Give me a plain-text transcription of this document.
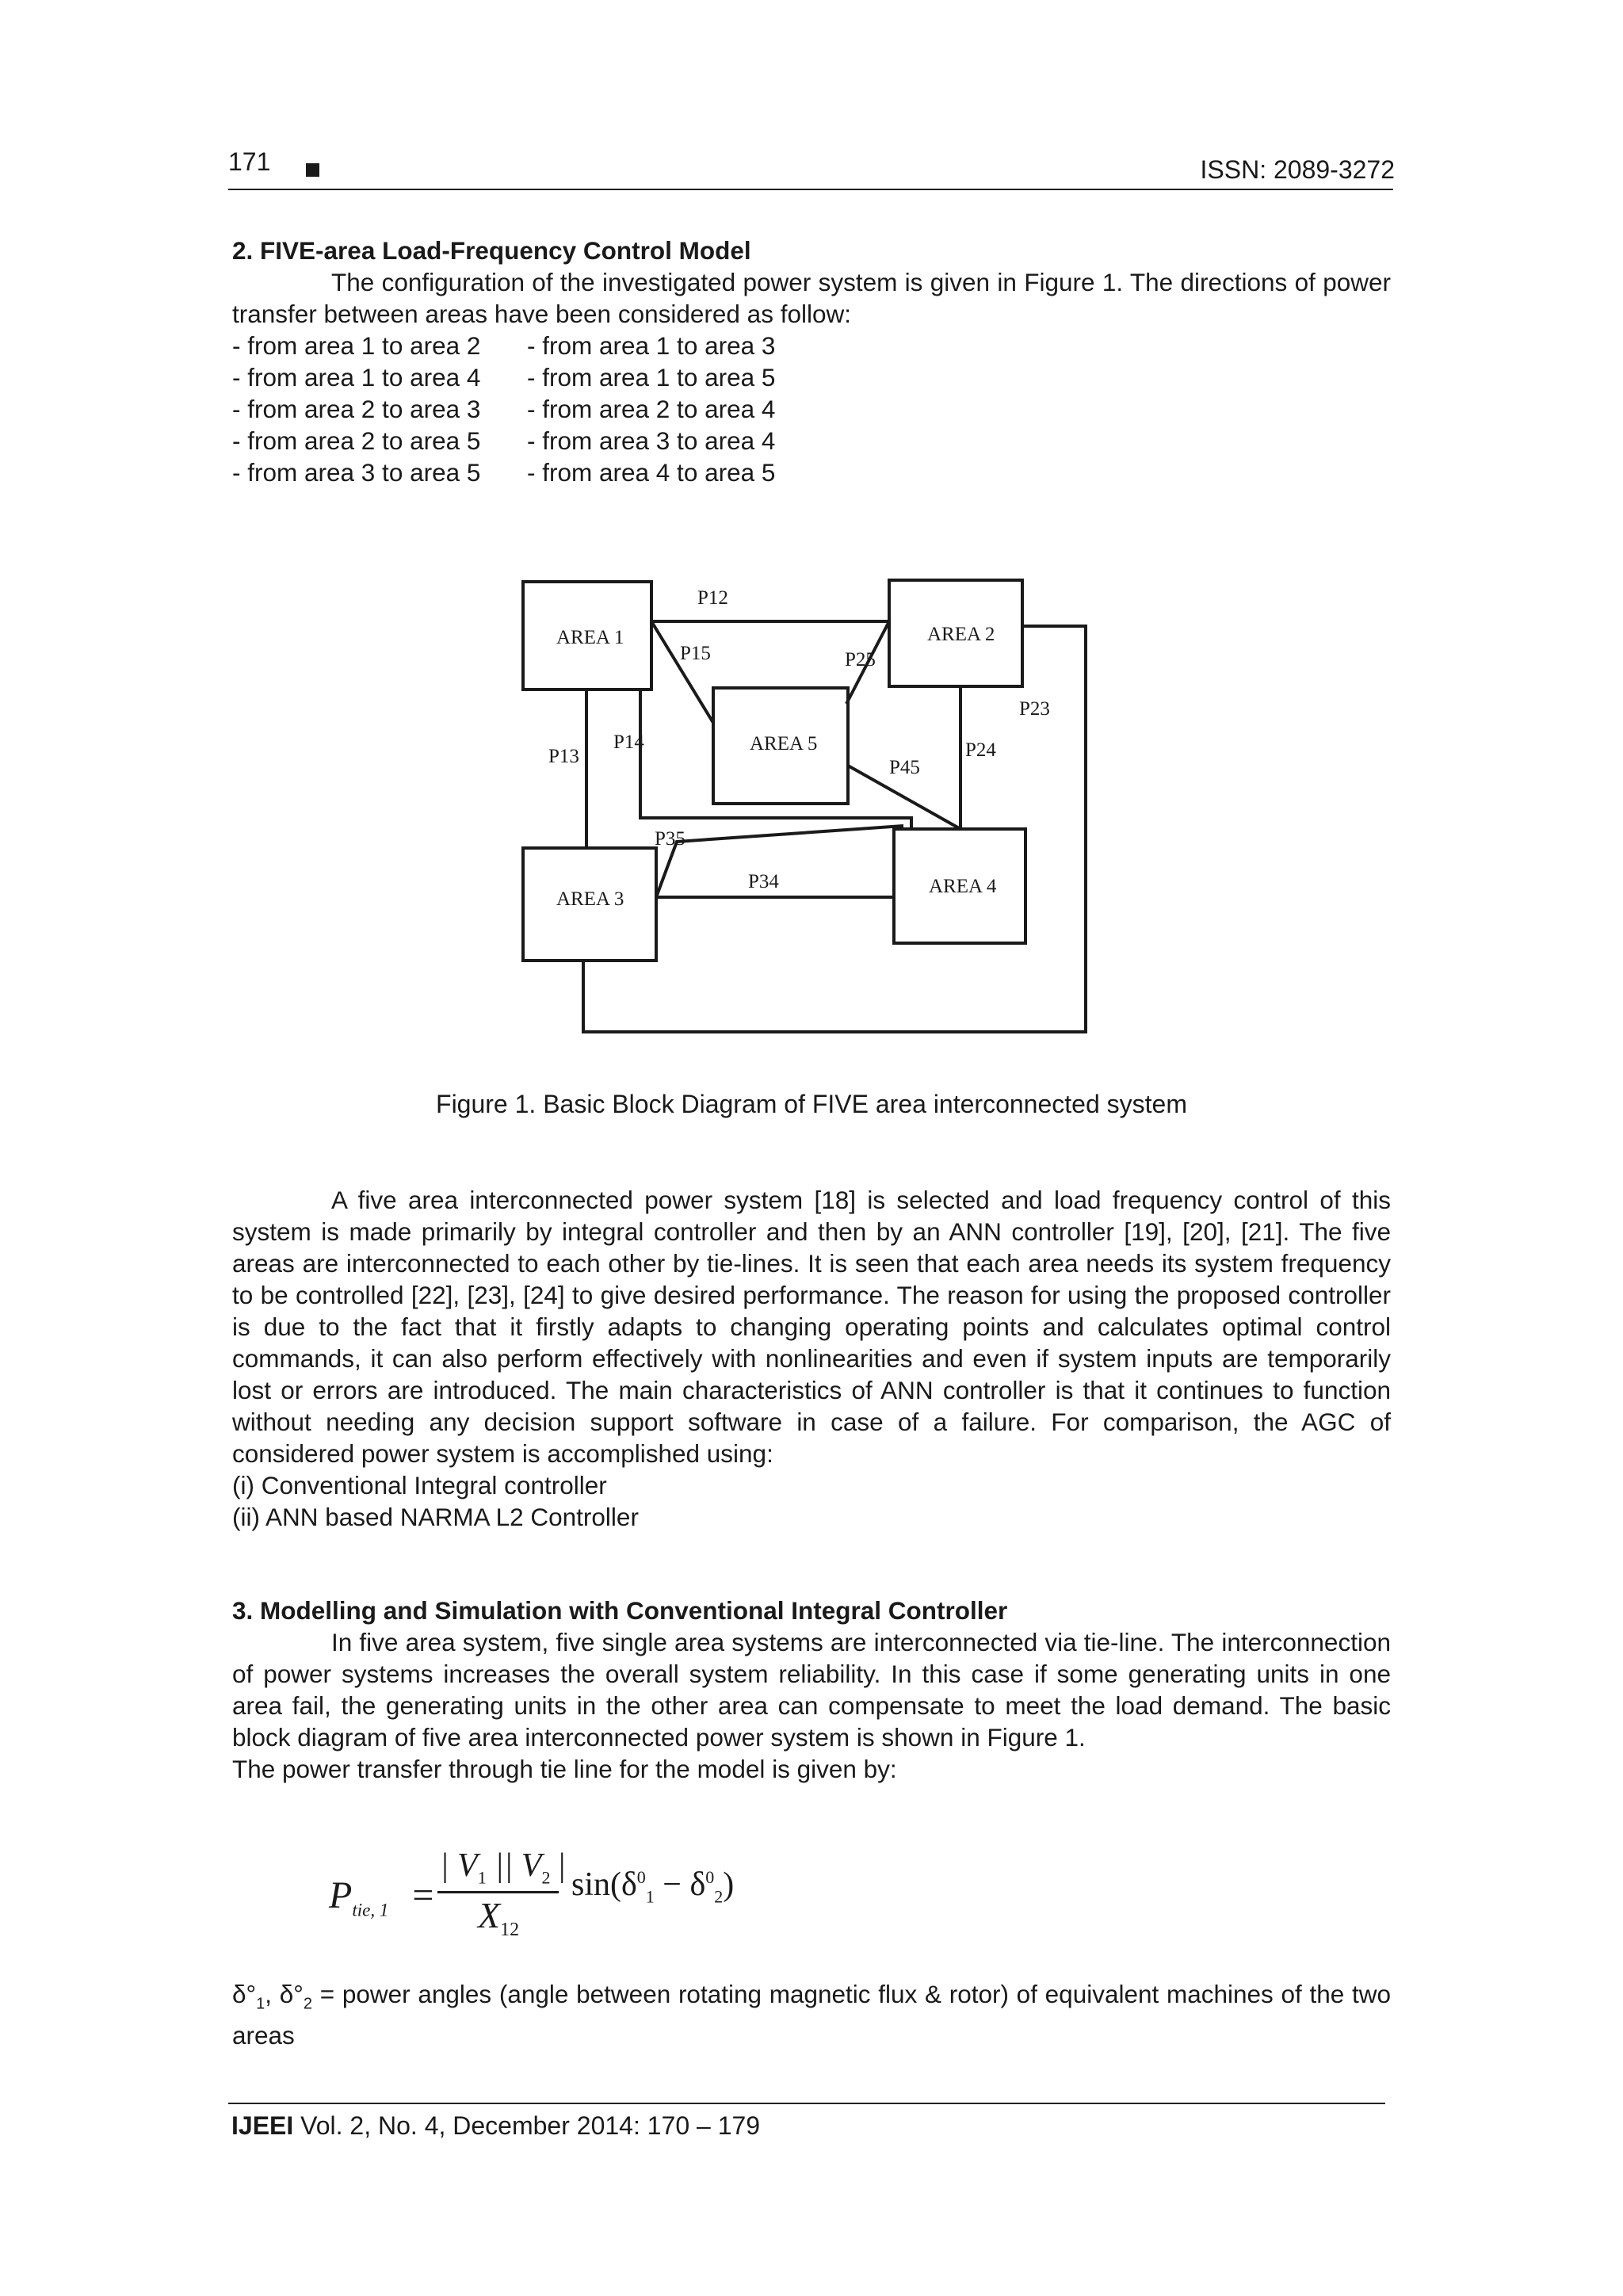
171	ISSN: 2089-3272

2. FIVE-area Load-Frequency Control Model

The configuration of the investigated power system is given in Figure 1. The directions of power transfer between areas have been considered as follow:

- from area 1 to area 2	- from area 1 to area 3
- from area 1 to area 4	- from area 1 to area 5
- from area 2 to area 3	- from area 2 to area 4
- from area 2 to area 5	- from area 3 to area 4
- from area 3 to area 5	- from area 4 to area 5
AREA 1	AREA 2
AREA 5
AREA 3
AREA 4
P12
P15	P25
P13
P14
P23
P24
P45
P35
P34
Figure 1. Basic Block Diagram of FIVE area interconnected system

A five area interconnected power system [18] is selected and load frequency control of this system is made primarily by integral controller and then by an ANN controller [19], [20], [21]. The five areas are interconnected to each other by tie-lines. It is seen that each area needs its system frequency to be controlled [22], [23], [24] to give desired performance. The reason for using the proposed controller is due to the fact that it firstly adapts to changing operating points and calculates optimal control commands, it can also perform effectively with nonlinearities and even if system inputs are temporarily lost or errors are introduced. The main characteristics of ANN controller is that it continues to function without needing any decision support software in case of a failure. For comparison, the AGC of considered power system is accomplished using:

(i) Conventional Integral controller

(ii) ANN based NARMA L2 Controller

3. Modelling and Simulation with Conventional Integral Controller

In five area system, five single area systems are interconnected via tie-line. The interconnection of power systems increases the overall system reliability. In this case if some generating units in one area fail, the generating units in the other area can compensate to meet the load demand. The basic block diagram of five area interconnected power system is shown in Figure 1.

The power transfer through tie line for the model is given by:

$P_{tie, 1}$ =
| $V_1$ || $V_2$ |
$X_{12}$
$\sin(\delta^0_1 - \delta^0_2)$

$\delta^\circ_1$, $\delta^\circ_2$ = power angles (angle between rotating magnetic flux & rotor) of equivalent machines of the two areas

IJEEI Vol. 2, No. 4, December 2014: 170 – 179
